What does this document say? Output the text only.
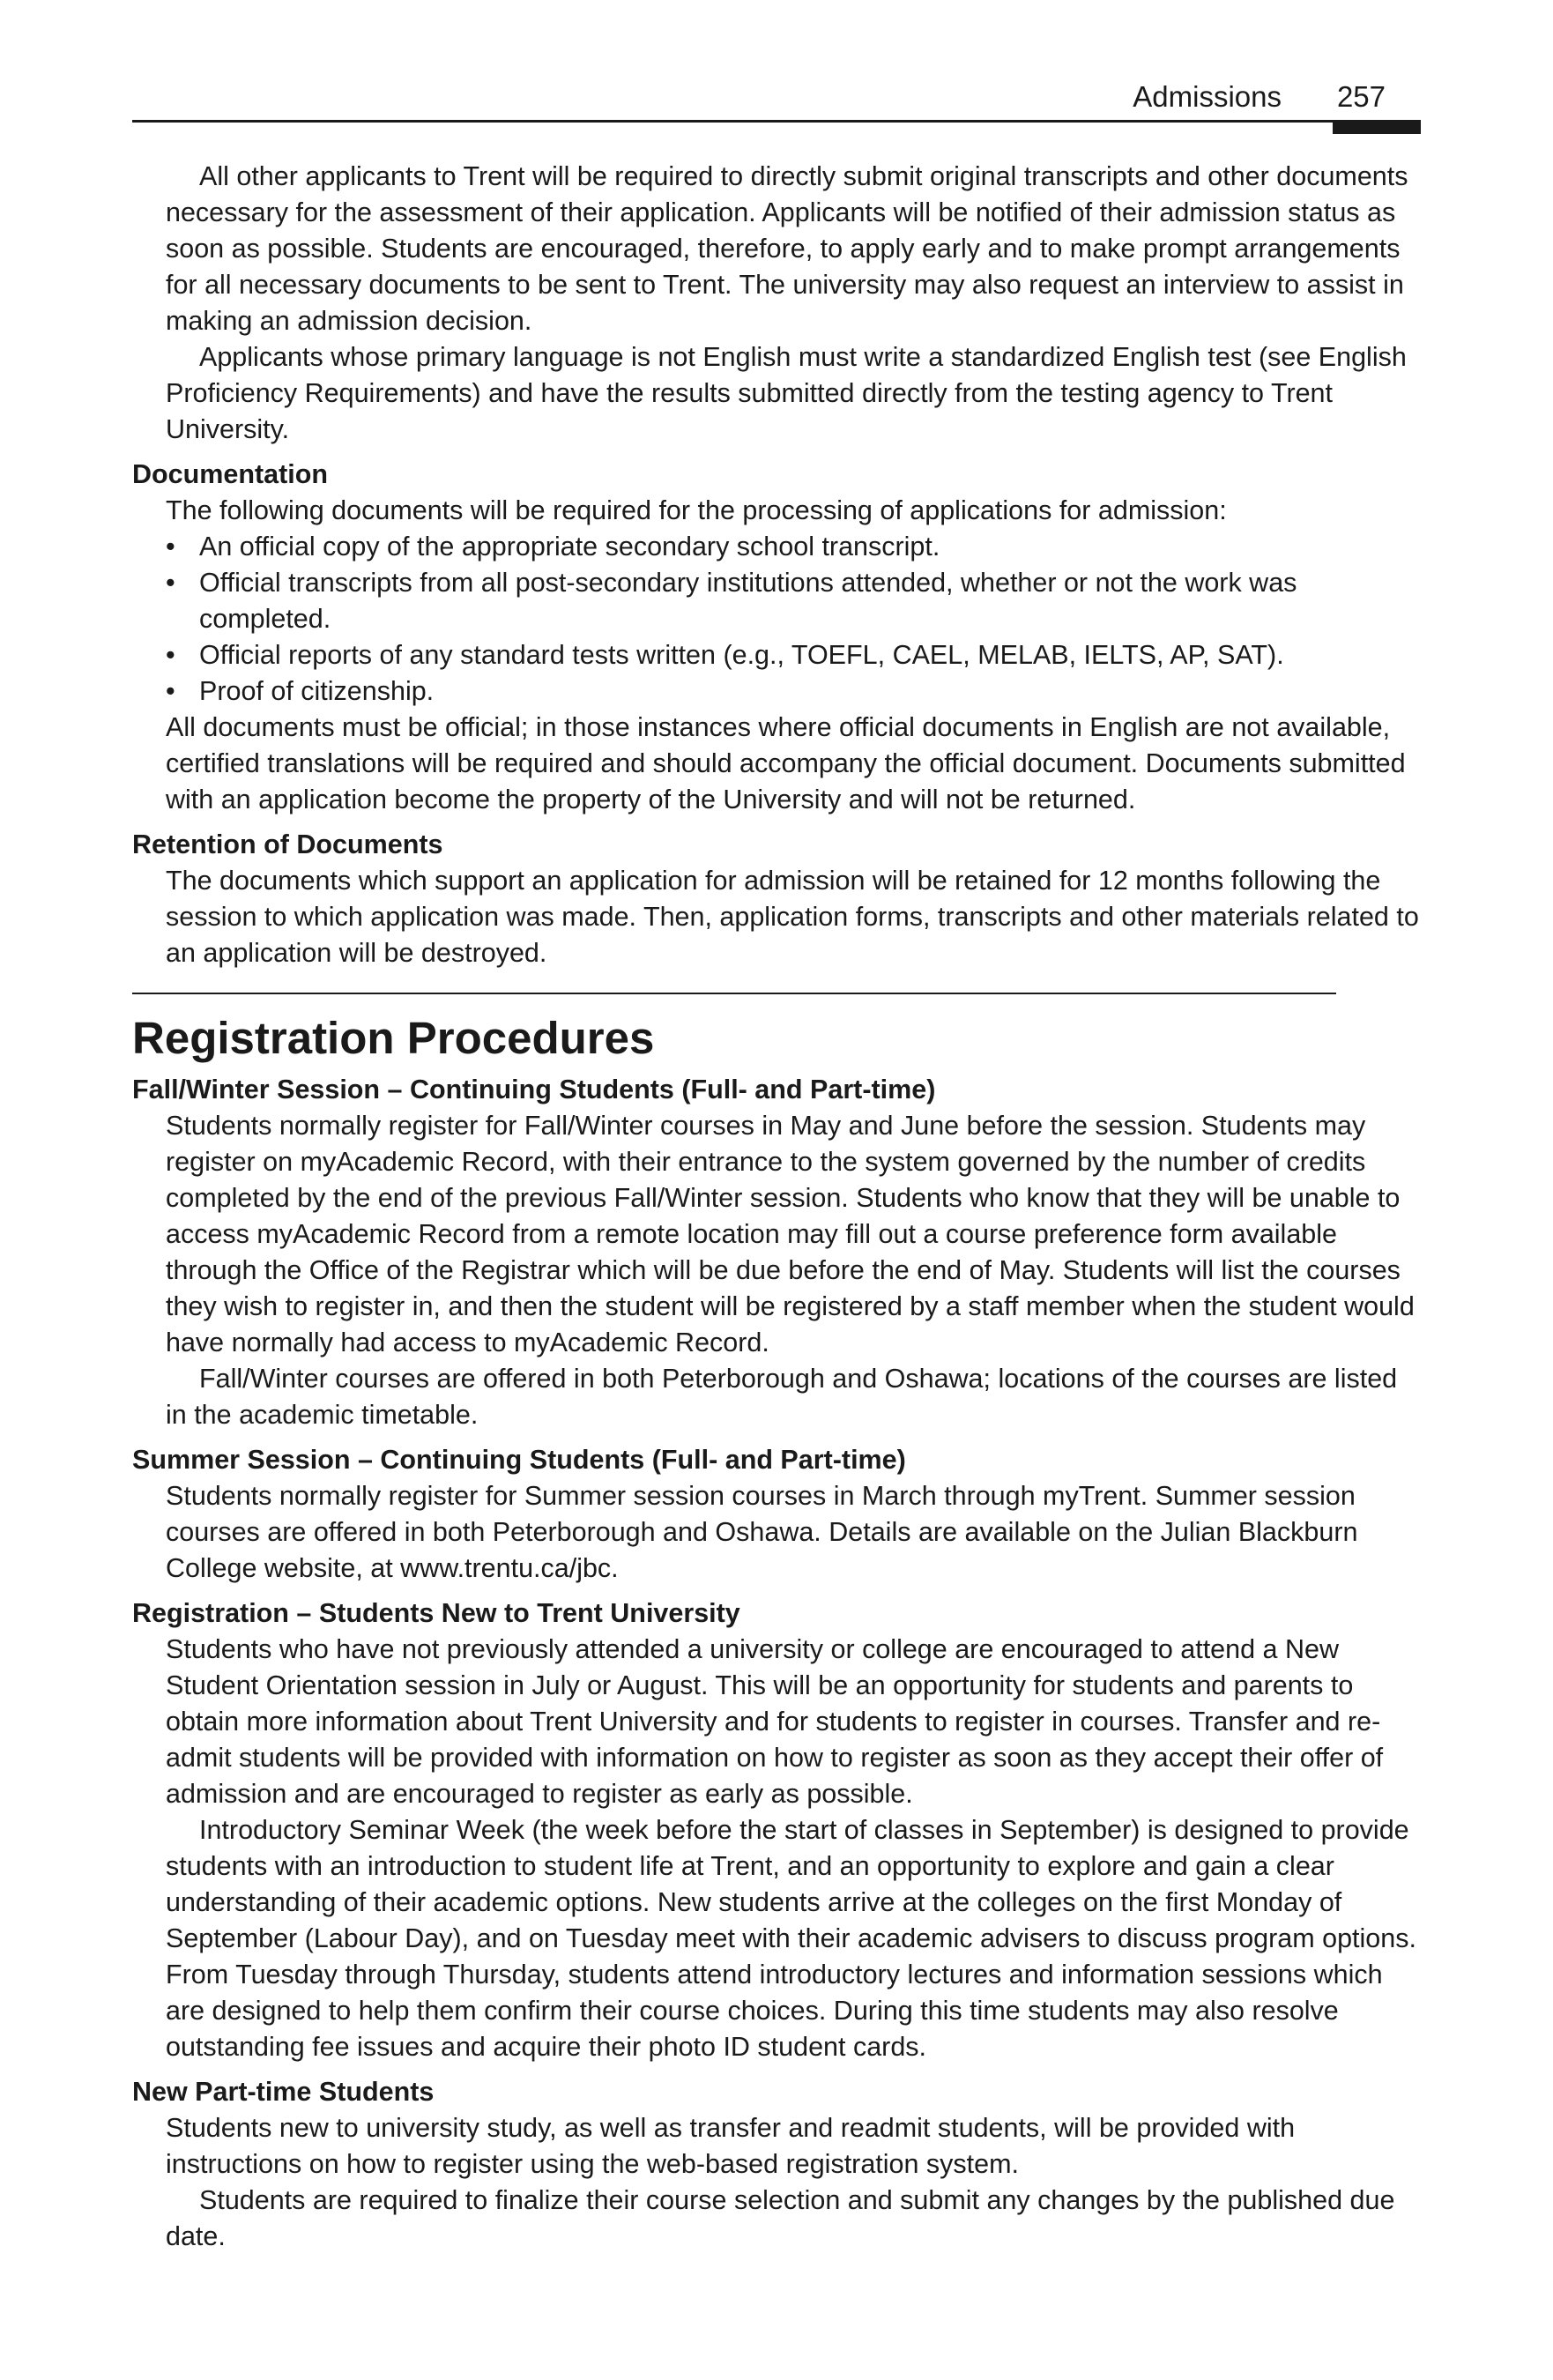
Admissions 257

All other applicants to Trent will be required to directly submit original transcripts and other documents necessary for the assessment of their application. Applicants will be notified of their admission status as soon as possible. Students are encouraged, therefore, to apply early and to make prompt arrangements for all necessary documents to be sent to Trent. The university may also request an interview to assist in making an admission decision.

Applicants whose primary language is not English must write a standardized English test (see English Proficiency Requirements) and have the results submitted directly from the testing agency to Trent University.

Documentation

The following documents will be required for the processing of applications for admission:

• An official copy of the appropriate secondary school transcript.
• Official transcripts from all post-secondary institutions attended, whether or not the work was completed.
• Official reports of any standard tests written (e.g., TOEFL, CAEL, MELAB, IELTS, AP, SAT).
• Proof of citizenship.

All documents must be official; in those instances where official documents in English are not available, certified translations will be required and should accompany the official document. Documents submitted with an application become the property of the University and will not be returned.

Retention of Documents

The documents which support an application for admission will be retained for 12 months following the session to which application was made. Then, application forms, transcripts and other materials related to an application will be destroyed.

Registration Procedures
Fall/Winter Session – Continuing Students (Full- and Part-time)

Students normally register for Fall/Winter courses in May and June before the session. Students may register on myAcademic Record, with their entrance to the system governed by the number of credits completed by the end of the previous Fall/Winter session. Students who know that they will be unable to access myAcademic Record from a remote location may fill out a course preference form available through the Office of the Registrar which will be due before the end of May. Students will list the courses they wish to register in, and then the student will be registered by a staff member when the student would have normally had access to myAcademic Record.

Fall/Winter courses are offered in both Peterborough and Oshawa; locations of the courses are listed in the academic timetable.

Summer Session – Continuing Students (Full- and Part-time)

Students normally register for Summer session courses in March through myTrent. Summer session courses are offered in both Peterborough and Oshawa. Details are available on the Julian Blackburn College website, at www.trentu.ca/jbc.

Registration – Students New to Trent University

Students who have not previously attended a university or college are encouraged to attend a New Student Orientation session in July or August. This will be an opportunity for students and parents to obtain more information about Trent University and for students to register in courses. Transfer and re-admit students will be provided with information on how to register as soon as they accept their offer of admission and are encouraged to register as early as possible.

Introductory Seminar Week (the week before the start of classes in September) is designed to provide students with an introduction to student life at Trent, and an opportunity to explore and gain a clear understanding of their academic options. New students arrive at the colleges on the first Monday of September (Labour Day), and on Tuesday meet with their academic advisers to discuss program options. From Tuesday through Thursday, students attend introductory lectures and information sessions which are designed to help them confirm their course choices. During this time students may also resolve outstanding fee issues and acquire their photo ID student cards.

New Part-time Students

Students new to university study, as well as transfer and readmit students, will be provided with instructions on how to register using the web-based registration system.

Students are required to finalize their course selection and submit any changes by the published due date.
